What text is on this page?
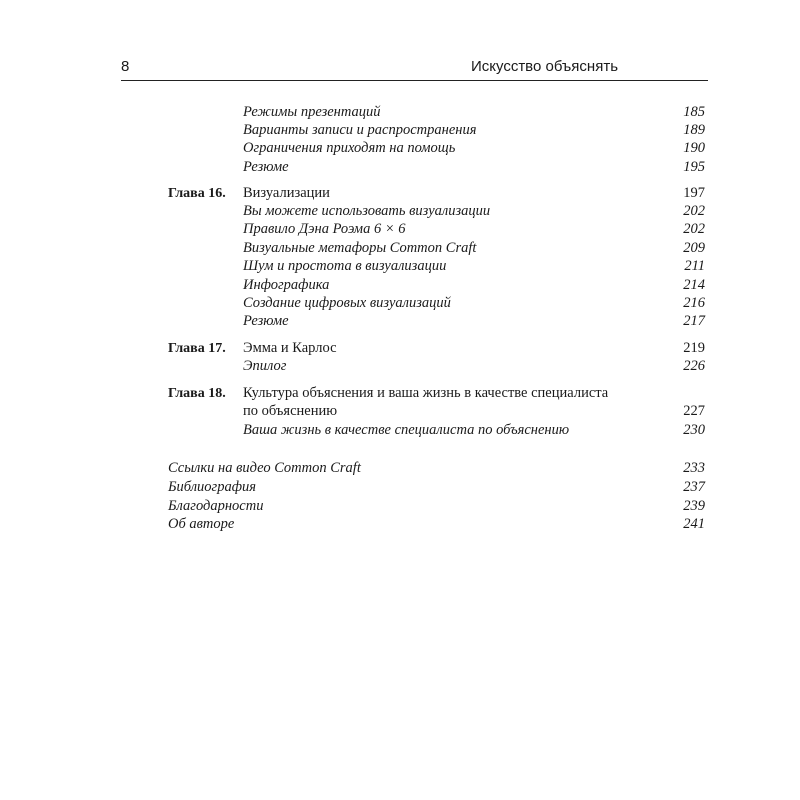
8	Искусство объяснять
Режимы презентаций	185
Варианты записи и распространения	189
Ограничения приходят на помощь	190
Резюме	195
Глава 16. Визуализации	197
Вы можете использовать визуализации	202
Правило Дэна Роэма 6 × 6	202
Визуальные метафоры Common Craft	209
Шум и простота в визуализации	211
Инфографика	214
Создание цифровых визуализаций	216
Резюме	217
Глава 17. Эмма и Карлос	219
Эпилог	226
Глава 18. Культура объяснения и ваша жизнь в качестве специалиста
по объяснению	227
Ваша жизнь в качестве специалиста по объяснению	230
Ссылки на видео Common Craft	233
Библиография	237
Благодарности	239
Об авторе	241
